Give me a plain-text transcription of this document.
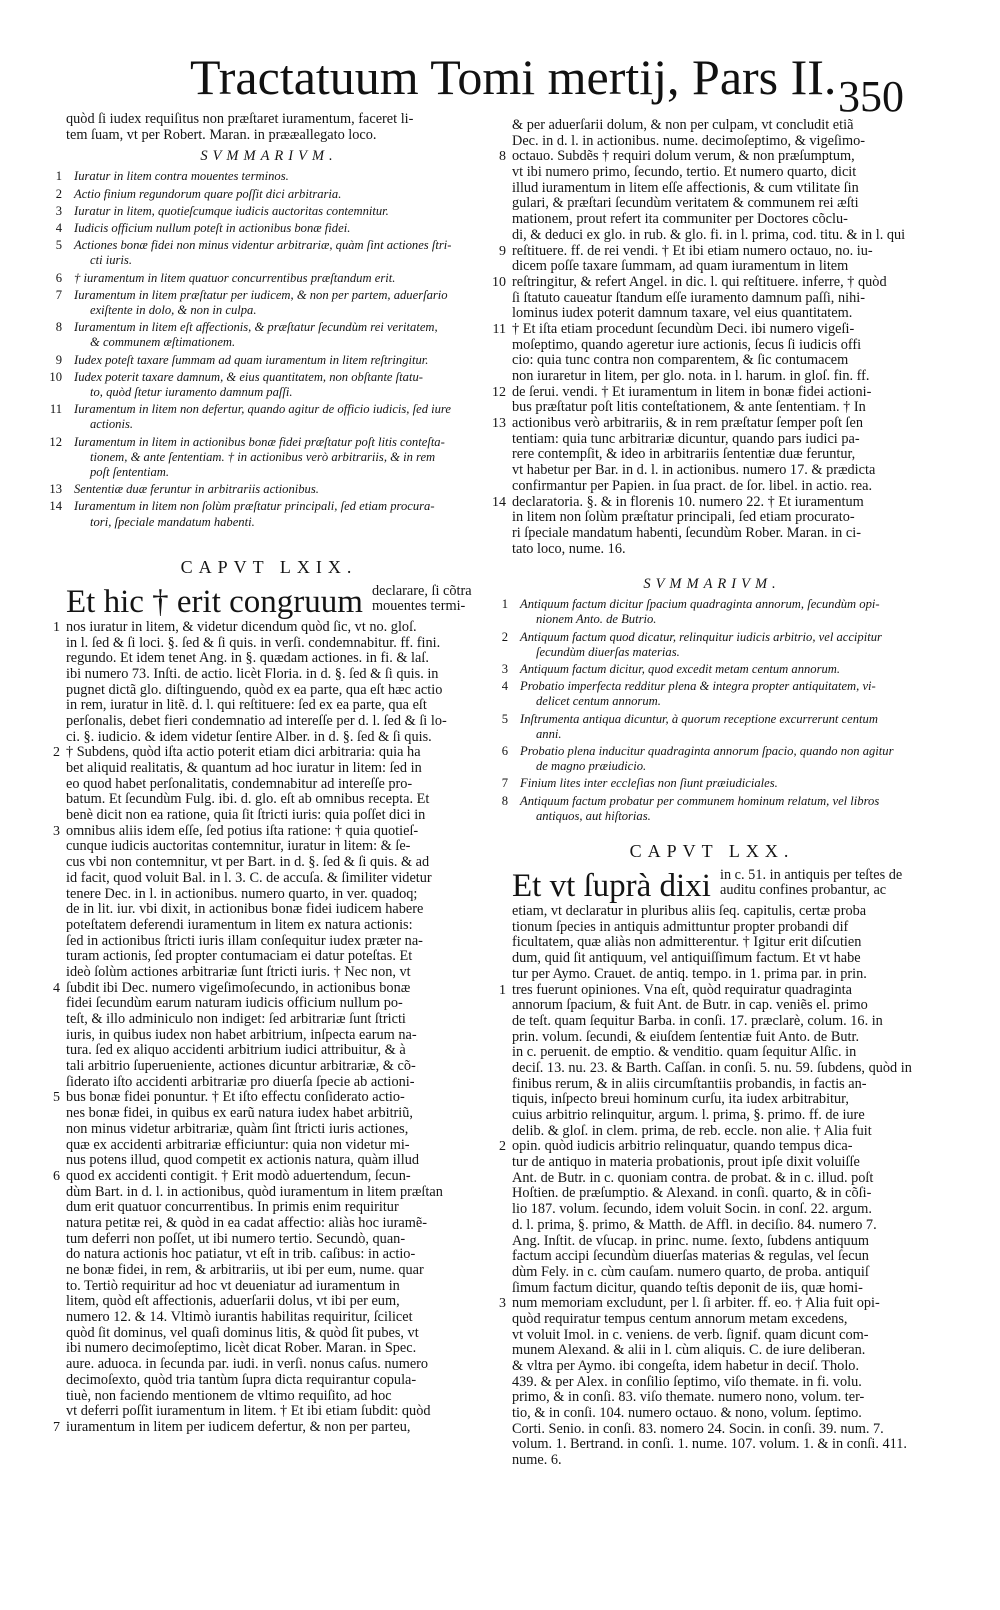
Tractatuum Tomi mertij, Pars II. 350
quòd ſi iudex requiſitus non præſtaret iuramentum, faceret li-
tem ſuam, vt per Robert. Maran. in prææallegato loco.
SVMMARIVM.
1 Iuratur in litem contra mouentes terminos.
2 Actio finium regundorum quare poſſit dici arbitraria.
3 Iuratur in litem, quotieſcumque iudicis auctoritas contemnitur.
4 Iudicis officium nullum poteſt in actionibus bonæ fidei.
5 Actiones bonæ fidei non minus videntur arbitrariæ, quàm ſint actiones ſtri-
cti iuris.
6 † iuramentum in litem quatuor concurrentibus præſtandum erit.
7 Iuramentum in litem præſtatur per iudicem, & non per partem, aduerſario
exiſtente in dolo, & non in culpa.
8 Iuramentum in litem eſt affectionis, & præſtatur ſecundùm rei veritatem,
& communem æſtimationem.
9 Iudex poteſt taxare ſummam ad quam iuramentum in litem reſtringitur.
10 Iudex poterit taxare damnum, & eius quantitatem, non obſtante ſtatu-
to, quòd ſtetur iuramento damnum paſſi.
11 Iuramentum in litem non defertur, quando agitur de officio iudicis, ſed iure
actionis.
12 Iuramentum in litem in actionibus bonæ fidei præſtatur poſt litis conteſta-
tionem, & ante ſententiam. † in actionibus verò arbitrariis, & in rem
poſt ſententiam.
13 Sententiæ duæ feruntur in arbitrariis actionibus.
14 Iuramentum in litem non ſolùm præſtatur principali, ſed etiam procura-
tori, ſpeciale mandatum habenti.
CAPVT LXIX.
Et hic † erit congruum declarare, ſi cõtra
mouentes termi-
nos iuratur in litem, & videtur dicendum quòd ſic, vt no. gloſ.
1
in l. ſed & ſi loci. §. ſed & ſi quis. in verſi. condemnabitur. ff. fini.
regundo. Et idem tenet Ang. in §. quædam actiones. in fi. & laſ.
ibi numero 73. Inſti. de actio. licèt Floria. in d. §. ſed & ſi quis. in
pugnet dictã glo. diſtinguendo, quòd ex ea parte, qua eſt hæc actio
in rem, iuratur in litẽ. d. l. qui reſtituere: ſed ex ea parte, qua eſt
perſonalis, debet fieri condemnatio ad intereſſe per d. l. ſed & ſi lo-
ci. §. iudicio. & idem videtur ſentire Alber. in d. §. ſed & ſi quis.
† Subdens, quòd iſta actio poterit etiam dici arbitraria: quia ha
2
bet aliquid realitatis, & quantum ad hoc iuratur in litem: ſed in
eo quod habet perſonalitatis, condemnabitur ad intereſſe pro-
batum. Et ſecundùm Fulg. ibi. d. glo. eſt ab omnibus recepta. Et
benè dicit non ea ratione, quia ſit ſtricti iuris: quia poſſet dici in
omnibus aliis idem eſſe, ſed potius iſta ratione: † quia quotieſ-
3
cunque iudicis auctoritas contemnitur, iuratur in litem: & ſe-
cus vbi non contemnitur, vt per Bart. in d. §. ſed & ſi quis. & ad
id facit, quod voluit Bal. in l. 3. C. de accuſa. & ſimiliter videtur
tenere Dec. in l. in actionibus. numero quarto, in ver. quadoq;
de in lit. iur. vbi dixit, in actionibus bonæ fidei iudicem habere
poteſtatem deferendi iuramentum in litem ex natura actionis:
ſed in actionibus ſtricti iuris illam conſequitur iudex præter na-
turam actionis, ſed propter contumaciam ei datur poteſtas. Et
ideò ſolùm actiones arbitrariæ ſunt ſtricti iuris. † Nec non, vt
ſubdit ibi Dec. numero vigeſimoſecundo, in actionibus bonæ
4
fidei ſecundùm earum naturam iudicis officium nullum po-
teſt, & illo adminiculo non indiget: ſed arbitrariæ ſunt ſtricti
iuris, in quibus iudex non habet arbitrium, inſpecta earum na-
tura. ſed ex aliquo accidenti arbitrium iudici attribuitur, & à
tali arbitrio ſuperueniente, actiones dicuntur arbitrariæ, & cõ-
ſiderato iſto accidenti arbitrariæ pro diuerſa ſpecie ab actioni-
bus bonæ fidei ponuntur. † Et iſto effectu conſiderato actio-
5
nes bonæ fidei, in quibus ex earũ natura iudex habet arbitriũ,
non minus videtur arbitrariæ, quàm ſint ſtricti iuris actiones,
quæ ex accidenti arbitrariæ efficiuntur: quia non videtur mi-
nus potens illud, quod competit ex actionis natura, quàm illud
quod ex accidenti contigit. † Erit modò aduertendum, ſecun-
6
dùm Bart. in d. l. in actionibus, quòd iuramentum in litem præſtan
dum erit quatuor concurrentibus. In primis enim requiritur
natura petitæ rei, & quòd in ea cadat affectio: aliàs hoc iuramẽ-
tum deferri non poſſet, ut ibi numero tertio. Secundò, quan-
do natura actionis hoc patiatur, vt eſt in trib. caſibus: in actio-
ne bonæ fidei, in rem, & arbitrariis, ut ibi per eum, nume. quar
to. Tertiò requiritur ad hoc vt deueniatur ad iuramentum in
litem, quòd eſt affectionis, aduerſarii dolus, vt ibi per eum,
numero 12. & 14. Vltimò iurantis habilitas requiritur, ſcilicet
quòd ſit dominus, vel quaſi dominus litis, & quòd ſit pubes, vt
ibi numero decimoſeptimo, licèt dicat Rober. Maran. in Spec.
aure. aduoca. in ſecunda par. iudi. in verſi. nonus caſus. numero
decimoſexto, quòd tria tantùm ſupra dicta requirantur copula-
tiuè, non faciendo mentionem de vltimo requiſito, ad hoc
vt deferri poſſit iuramentum in litem. † Et ibi etiam ſubdit: quòd
iuramentum in litem per iudicem defertur, & non per parteu,
7
& per aduerſarii dolum, & non per culpam, vt concludit etiã
Dec. in d. l. in actionibus. nume. decimoſeptimo, & vigeſimo-
octauo. Subdẽs † requiri dolum verum, & non præſumptum,
8
vt ibi numero primo, ſecundo, tertio. Et numero quarto, dicit
illud iuramentum in litem eſſe affectionis, & cum vtilitate ſin
gulari, & præſtari ſecundùm veritatem & communem rei æſti
mationem, prout refert ita communiter per Doctores cõclu-
di, & deduci ex glo. in rub. & glo. fi. in l. prima, cod. titu. & in l. qui
reſtituere. ff. de rei vendi. † Et ibi etiam numero octauo, no. iu-
9
dicem poſſe taxare ſummam, ad quam iuramentum in litem
reſtringitur, & refert Angel. in dic. l. qui reſtituere. inferre, † quòd
10
ſi ſtatuto caueatur ſtandum eſſe iuramento damnum paſſi, nihi-
lominus iudex poterit damnum taxare, vel eius quantitatem.
† Et iſta etiam procedunt ſecundùm Deci. ibi numero vigeſi-
11
moſeptimo, quando ageretur iure actionis, ſecus ſi iudicis offi
cio: quia tunc contra non comparentem, & ſic contumacem
non iuraretur in litem, per glo. nota. in l. harum. in gloſ. fin. ff.
de ſerui. vendi. † Et iuramentum in litem in bonæ fidei actioni-
12
bus præſtatur poſt litis conteſtationem, & ante ſententiam. † In
actionibus verò arbitrariis, & in rem præſtatur ſemper poſt ſen
13
tentiam: quia tunc arbitrariæ dicuntur, quando pars iudici pa-
rere contempſit, & ideo in arbitrariis ſententiæ duæ feruntur,
vt habetur per Bar. in d. l. in actionibus. numero 17. & prædicta
confirmantur per Papien. in ſua pract. de ſor. libel. in actio. rea.
declaratoria. §. & in florenis 10. numero 22. † Et iuramentum
14
in litem non ſolùm præſtatur principali, ſed etiam procurato-
ri ſpeciale mandatum habenti, ſecundùm Rober. Maran. in ci-
tato loco, nume. 16.
SVMMARIVM.
1 Antiquum factum dicitur ſpacium quadraginta annorum, ſecundùm opi-
nionem Anto. de Butrio.
2 Antiquum factum quod dicatur, relinquitur iudicis arbitrio, vel accipitur
ſecundùm diuerſas materias.
3 Antiquum factum dicitur, quod excedit metam centum annorum.
4 Probatio imperfecta redditur plena & integra propter antiquitatem, vi-
delicet centum annorum.
5 Inſtrumenta antiqua dicuntur, à quorum receptione excurrerunt centum
anni.
6 Probatio plena inducitur quadraginta annorum ſpacio, quando non agitur
de magno præiudicio.
7 Finium lites inter eccleſias non ſiunt præiudiciales.
8 Antiquum factum probatur per communem hominum relatum, vel libros
antiquos, aut hiſtorias.
CAPVT LXX.
Et vt ſuprà dixi in c. 51. in antiquis per teſtes de
auditu confines probantur, ac
etiam, vt declaratur in pluribus aliis ſeq. capitulis, certæ proba
tionum ſpecies in antiquis admittuntur propter probandi dif
ficultatem, quæ aliàs non admitterentur. † Igitur erit diſcutien
dum, quid ſit antiquum, vel antiquiſſimum factum. Et vt habe
tur per Aymo. Crauet. de antiq. tempo. in 1. prima par. in prin.
tres fuerunt opiniones. Vna eſt, quòd requiratur quadraginta
1
annorum ſpacium, & fuit Ant. de Butr. in cap. veniẽs el. primo
de teſt. quam ſequitur Barba. in conſi. 17. præclarè, colum. 16. in
prin. volum. ſecundi, & eiuſdem ſententiæ fuit Anto. de Butr.
in c. peruenit. de emptio. & venditio. quam ſequitur Alſic. in
deciſ. 13. nu. 23. & Barth. Caſſan. in conſi. 5. nu. 59. ſubdens, quòd in
finibus rerum, & in aliis circumſtantiis probandis, in factis an-
tiquis, inſpecto breui hominum curſu, ita iudex arbitrabitur,
cuius arbitrio relinquitur, argum. l. prima, §. primo. ff. de iure
delib. & gloſ. in clem. prima, de reb. eccle. non alie. † Alia fuit
opin. quòd iudicis arbitrio relinquatur, quando tempus dica-
2
tur de antiquo in materia probationis, prout ipſe dixit voluiſſe
Ant. de Butr. in c. quoniam contra. de probat. & in c. illud. poſt
Hoſtien. de præſumptio. & Alexand. in conſi. quarto, & in cõſi-
lio 187. volum. ſecundo, idem voluit Socin. in conſ. 22. argum.
d. l. prima, §. primo, & Matth. de Affl. in deciſio. 84. numero 7.
Ang. Inſtit. de vſucap. in princ. nume. ſexto, ſubdens antiquum
factum accipi ſecundùm diuerſas materias & regulas, vel ſecun
dùm Fely. in c. cùm cauſam. numero quarto, de proba. antiquiſ
ſimum factum dicitur, quando teſtis deponit de iis, quæ homi-
num memoriam excludunt, per l. ſi arbiter. ff. eo. † Alia fuit opi-
3
quòd requiratur tempus centum annorum metam excedens,
vt voluit Imol. in c. veniens. de verb. ſignif. quam dicunt com-
munem Alexand. & alii in l. cùm aliquis. C. de iure deliberan.
& vltra per Aymo. ibi congeſta, idem habetur in deciſ. Tholo.
439. & per Alex. in conſilio ſeptimo, viſo themate. in fi. volu.
primo, & in conſi. 83. viſo themate. numero nono, volum. ter-
tio, & in conſi. 104. numero octauo. & nono, volum. ſeptimo.
Corti. Senio. in conſi. 83. nomero 24. Socin. in conſi. 39. num. 7.
volum. 1. Bertrand. in conſi. 1. nume. 107. volum. 1. & in conſi. 411.
nume. 6.
